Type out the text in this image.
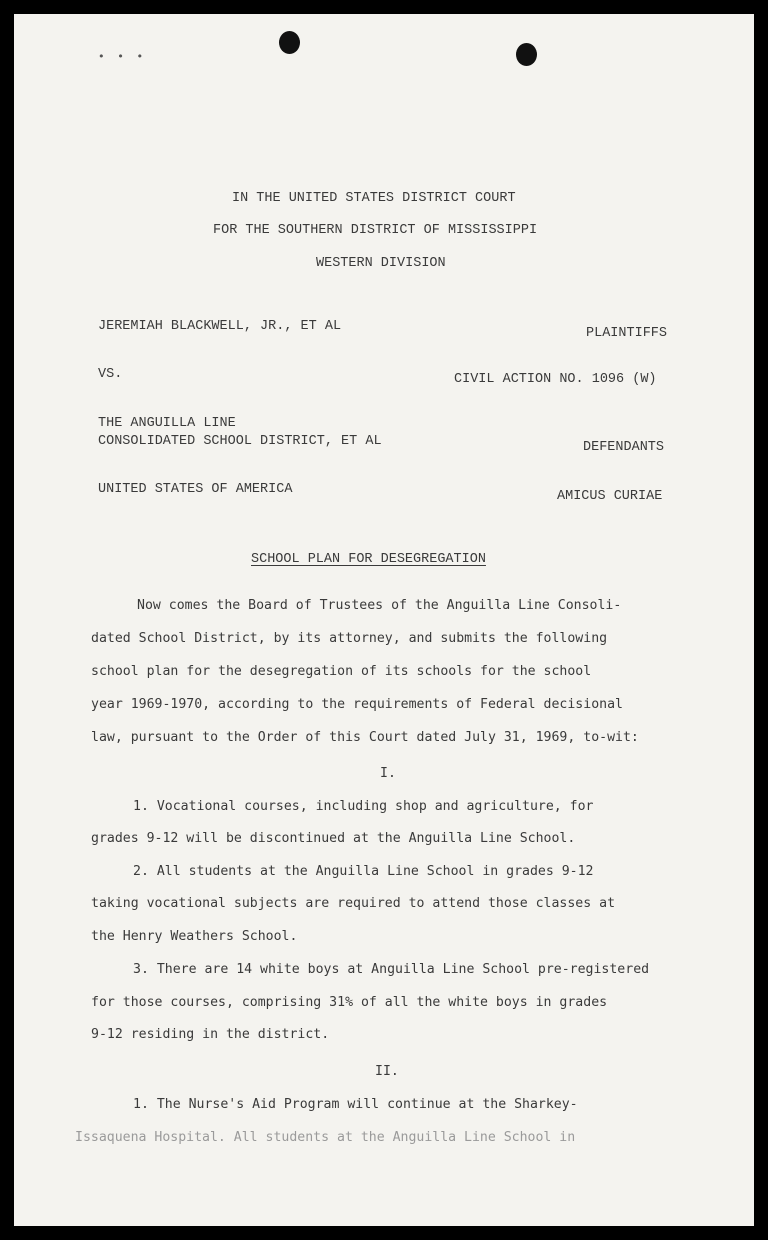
• • •
IN THE UNITED STATES DISTRICT COURT
FOR THE SOUTHERN DISTRICT OF MISSISSIPPI
WESTERN DIVISION
JEREMIAH BLACKWELL, JR., ET AL	PLAINTIFFS
VS.	CIVIL ACTION NO. 1096 (W)
THE ANGUILLA LINE
CONSOLIDATED SCHOOL DISTRICT, ET AL	DEFENDANTS
UNITED STATES OF AMERICA	AMICUS CURIAE
SCHOOL PLAN FOR DESEGREGATION
Now comes the Board of Trustees of the Anguilla Line Consoli-
dated School District, by its attorney, and submits the following
school plan for the desegregation of its schools for the school
year 1969-1970, according to the requirements of Federal decisional
law, pursuant to the Order of this Court dated July 31, 1969, to-wit:
I.
1. Vocational courses, including shop and agriculture, for
grades 9-12 will be discontinued at the Anguilla Line School.
2. All students at the Anguilla Line School in grades 9-12
taking vocational subjects are required to attend those classes at
the Henry Weathers School.
3. There are 14 white boys at Anguilla Line School pre-registered
for those courses, comprising 31% of all the white boys in grades
9-12 residing in the district.
II.
1. The Nurse's Aid Program will continue at the Sharkey-
Issaquena Hospital. All students at the Anguilla Line School in
